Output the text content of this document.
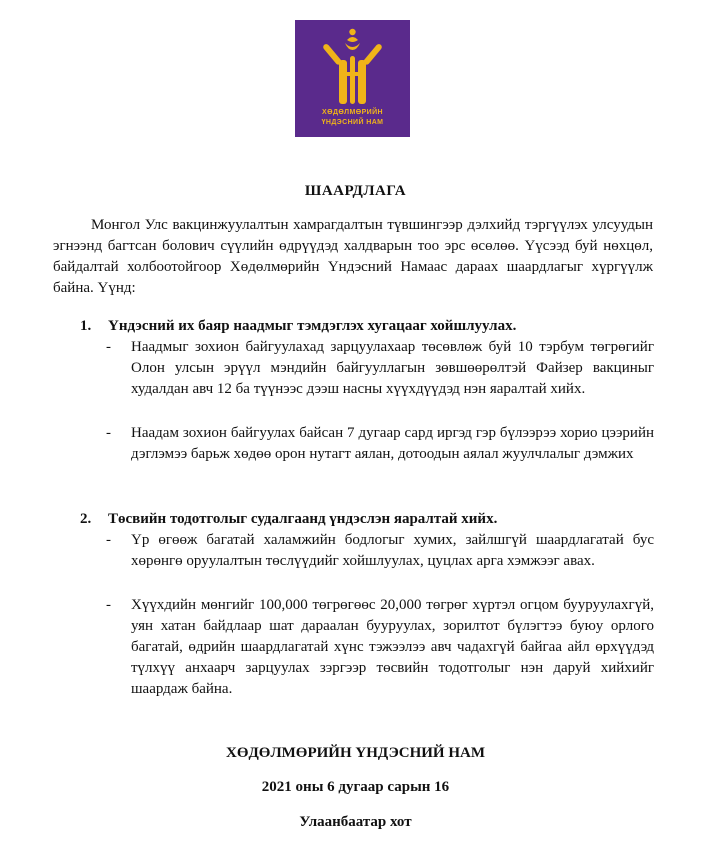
ХӨДӨЛМӨРИЙН
ҮНДЭСНИЙ НАМ
ШААРДЛАГА

Монгол Улс вакцинжуулалтын хамрагдалтын түвшингээр дэлхийд тэргүүлэх улсуудын эгнээнд багтсан болович сүүлийн өдрүүдэд халдварын тоо эрс өсөлөө. Үүсээд буй нөхцөл, байдалтай холбоотойгоор Хөдөлмөрийн Үндэсний Намаас дараах шаардлагыг хүргүүлж байна. Үүнд:

1. Үндэсний их баяр наадмыг тэмдэглэх хугацааг хойшлуулах.
- Наадмыг зохион байгуулахад зарцуулахаар төсөвлөж буй 10 тэрбум төгрөгийг Олон улсын эрүүл мэндийн байгууллагын зөвшөөрөлтэй Файзер вакциныг худалдан авч 12 ба түүнээс дээш насны хүүхдүүдэд нэн яаралтай хийх.
- Наадам зохион байгуулах байсан 7 дугаар сард иргэд гэр бүлээрээ хорио цээрийн дэглэмээ барьж хөдөө орон нутагт аялан, дотоодын аялал жуулчлалыг дэмжих
2. Төсвийн тодотголыг судалгаанд үндэслэн яаралтай хийх.
- Үр өгөөж багатай халамжийн бодлогыг хумих, зайлшгүй шаардлагатай бус хөрөнгө оруулалтын төслүүдийг хойшлуулах, цуцлах арга хэмжээг авах.
- Хүүхдийн мөнгийг 100,000 төгрөгөөс 20,000 төгрөг хүртэл огцом бууруулахгүй, уян хатан байдлаар шат дараалан бууруулах, зорилтот бүлэгтээ буюу орлого багатай, өдрийн шаардлагатай хүнс тэжээлээ авч чадахгүй байгаа айл өрхүүдэд түлхүү анхаарч зарцуулах зэргээр төсвийн тодотголыг нэн даруй хийхийг шаардаж байна.
ХӨДӨЛМӨРИЙН ҮНДЭСНИЙ НАМ
2021 оны 6 дугаар сарын 16
Улаанбаатар хот
